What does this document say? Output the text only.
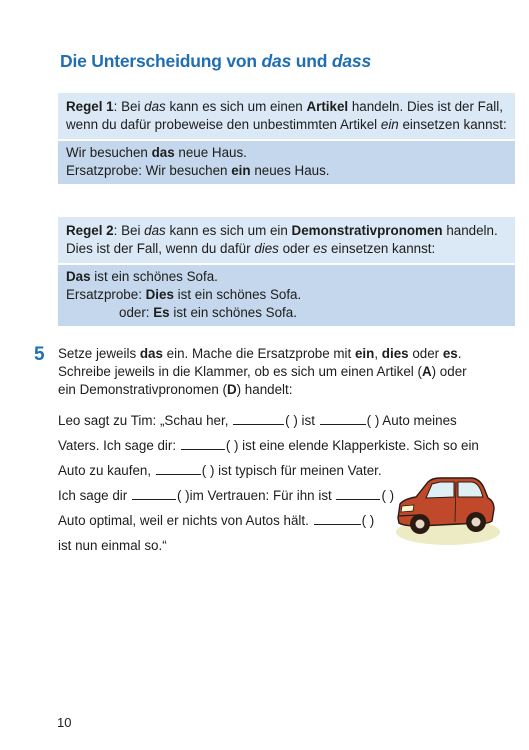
Die Unterscheidung von das und dass

Regel 1: Bei das kann es sich um einen Artikel handeln. Dies ist der Fall, wenn du dafür probeweise den unbestimmten Artikel ein einsetzen kannst:

Wir besuchen das neue Haus.

Ersatzprobe: Wir besuchen ein neues Haus.

Regel 2: Bei das kann es sich um ein Demonstrativpronomen handeln. Dies ist der Fall, wenn du dafür dies oder es einsetzen kannst:

Das ist ein schönes Sofa.

Ersatzprobe: Dies ist ein schönes Sofa.

oder: Es ist ein schönes Sofa.

5 Setze jeweils das ein. Mache die Ersatzprobe mit ein, dies oder es. Schreibe jeweils in die Klammer, ob es sich um einen Artikel (A) oder ein Demonstrativpronomen (D) handelt:

Leo sagt zu Tim: „Schau her,	( ) ist	( ) Auto meines

Vaters. Ich sage dir:	( ) ist eine elende Klapperkiste. Sich so ein

Auto zu kaufen,	( ) ist typisch für meinen Vater.

Ich sage dir	( )im Vertrauen: Für ihn ist	( )

Auto optimal, weil er nichts von Autos hält.	( )

ist nun einmal so.“

10
